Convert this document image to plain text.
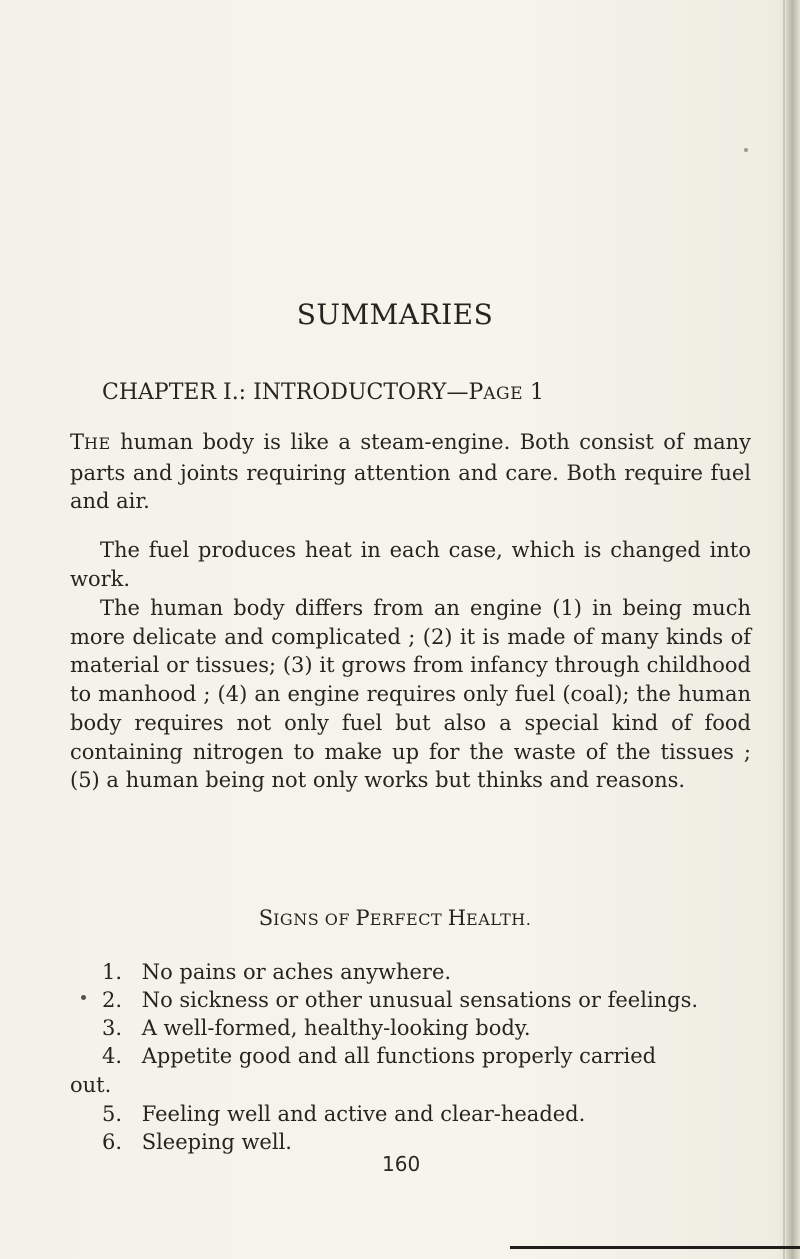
SUMMARIES
CHAPTER I.: INTRODUCTORY—PAGE 1

THE human body is like a steam-engine. Both consist of many parts and joints requiring attention and care. Both require fuel and air.

The fuel produces heat in each case, which is changed into work.

The human body differs from an engine (1) in being much more delicate and complicated ; (2) it is made of many kinds of material or tissues; (3) it grows from infancy through childhood to manhood ; (4) an engine requires only fuel (coal); the human body requires not only fuel but also a special kind of food containing nitrogen to make up for the waste of the tissues ; (5) a human being not only works but thinks and reasons.

SIGNS OF PERFECT HEALTH.

1. No pains or aches anywhere.

2. No sickness or other unusual sensations or feelings.

3. A well-formed, healthy-looking body.

4. Appetite good and all functions properly carried

out.

5. Feeling well and active and clear-headed.

6. Sleeping well.

160
